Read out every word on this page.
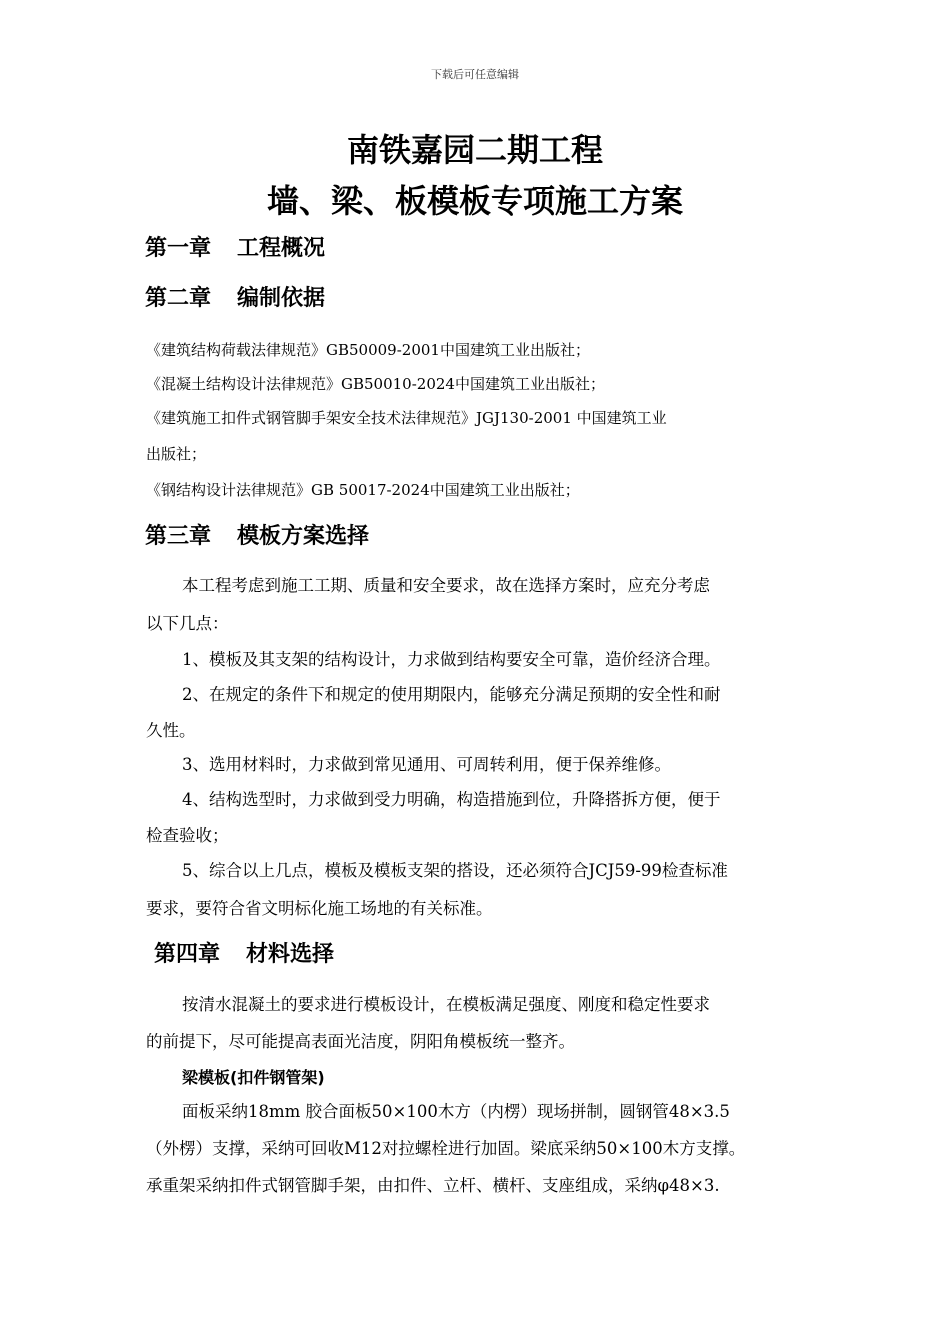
下载后可任意编辑
南铁嘉园二期工程
墙、梁、板模板专项施工方案
第一章 工程概况
第二章 编制依据
《建筑结构荷载法律规范》GB50009-2001中国建筑工业出版社；
《混凝土结构设计法律规范》GB50010-2024中国建筑工业出版社；
《建筑施工扣件式钢管脚手架安全技术法律规范》JGJ130-2001 中国建筑工业
出版社；
《钢结构设计法律规范》GB 50017-2024中国建筑工业出版社；
第三章 模板方案选择
本工程考虑到施工工期、质量和安全要求，故在选择方案时，应充分考虑
以下几点：
1、模板及其支架的结构设计，力求做到结构要安全可靠，造价经济合理。
2、在规定的条件下和规定的使用期限内，能够充分满足预期的安全性和耐
久性。
3、选用材料时，力求做到常见通用、可周转利用，便于保养维修。
4、结构选型时，力求做到受力明确，构造措施到位，升降搭拆方便，便于
检查验收；
5、综合以上几点，模板及模板支架的搭设，还必须符合JCJ59-99检查标准
要求，要符合省文明标化施工场地的有关标准。
第四章 材料选择
按清水混凝土的要求进行模板设计，在模板满足强度、刚度和稳定性要求
的前提下，尽可能提高表面光洁度，阴阳角模板统一整齐。
梁模板(扣件钢管架)
面板采纳18mm 胶合面板50×100木方（内楞）现场拼制，圆钢管48×3.5
（外楞）支撑，采纳可回收M12对拉螺栓进行加固。梁底采纳50×100木方支撑。
承重架采纳扣件式钢管脚手架，由扣件、立杆、横杆、支座组成，采纳φ48×3.
